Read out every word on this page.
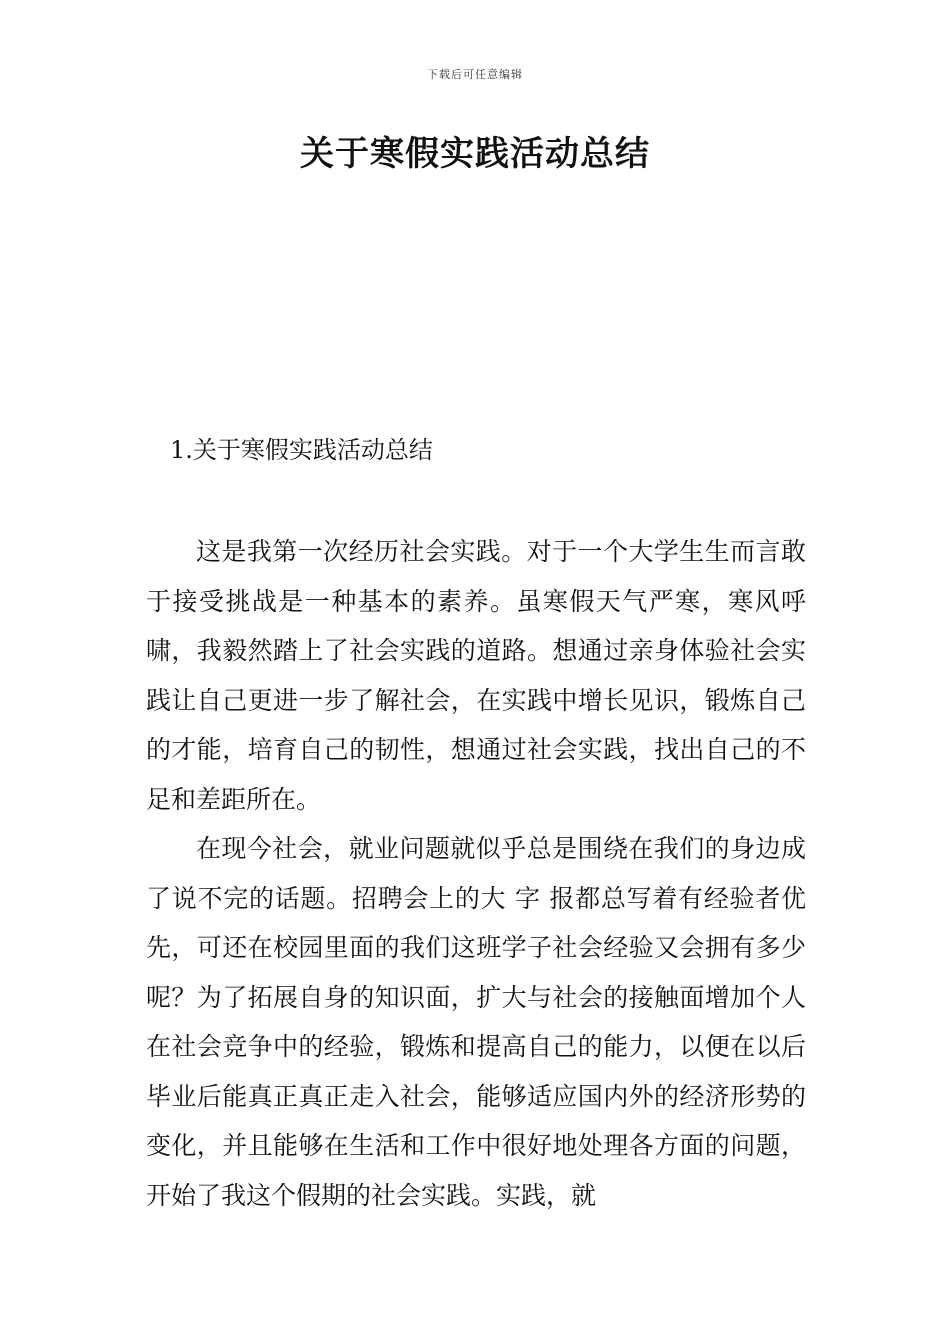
下载后可任意编辑
关于寒假实践活动总结
1.关于寒假实践活动总结

这是我第一次经历社会实践。对于一个大学生生而言敢于接受挑战是一种基本的素养。虽寒假天气严寒，寒风呼啸，我毅然踏上了社会实践的道路。想通过亲身体验社会实践让自己更进一步了解社会，在实践中增长见识，锻炼自己的才能，培育自己的韧性，想通过社会实践，找出自己的不足和差距所在。

在现今社会，就业问题就似乎总是围绕在我们的身边成了说不完的话题。招聘会上的大 字 报都总写着有经验者优先，可还在校园里面的我们这班学子社会经验又会拥有多少呢？为了拓展自身的知识面，扩大与社会的接触面增加个人在社会竞争中的经验，锻炼和提高自己的能力，以便在以后毕业后能真正真正走入社会，能够适应国内外的经济形势的变化，并且能够在生活和工作中很好地处理各方面的问题，开始了我这个假期的社会实践。实践，就
